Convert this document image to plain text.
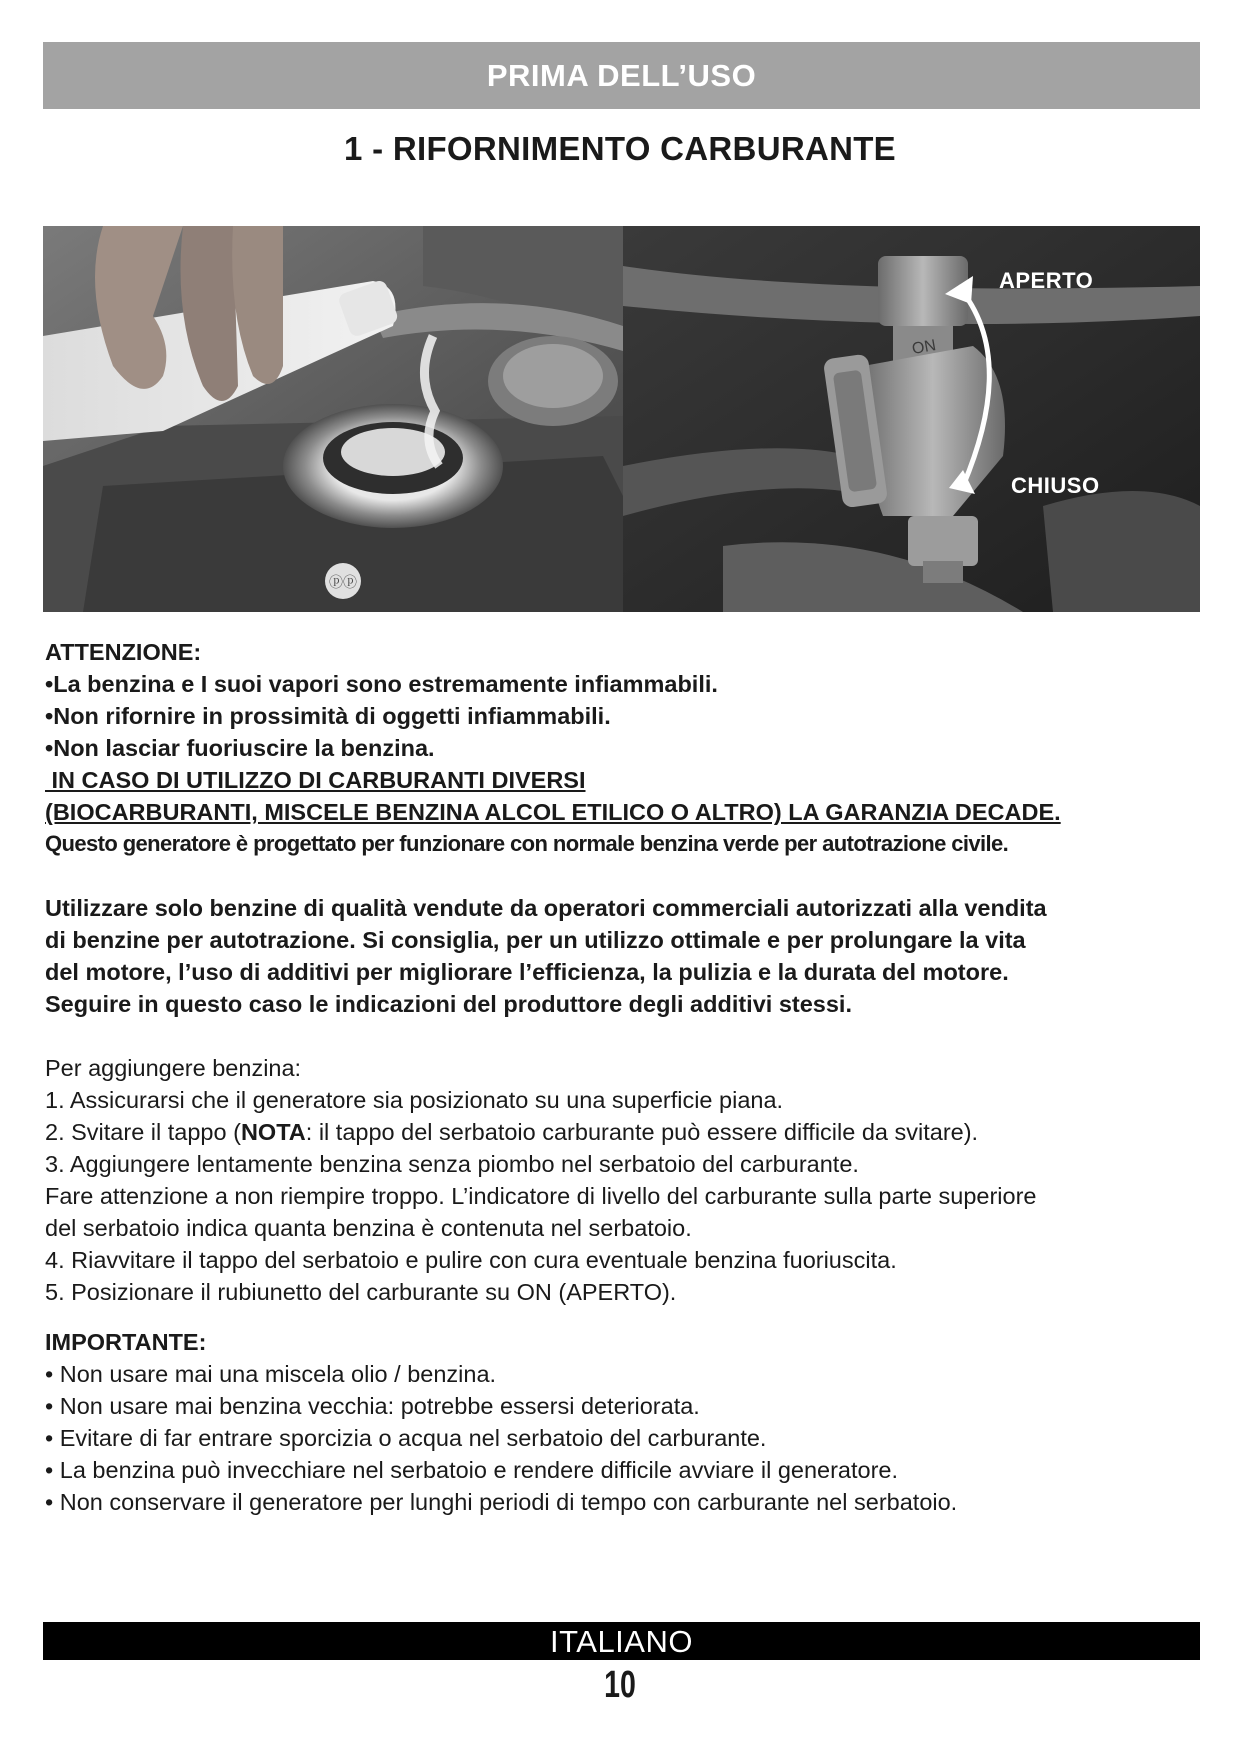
PRIMA DELL’USO
1 - RIFORNIMENTO CARBURANTE
ⓟⓟ
ON
APERTO
CHIUSO

ATTENZIONE:

•La benzina e I suoi vapori sono estremamente infiammabili.

•Non rifornire in prossimità di oggetti infiammabili.

•Non lasciar fuoriuscire la benzina.

IN CASO DI UTILIZZO DI CARBURANTI DIVERSI

(BIOCARBURANTI, MISCELE BENZINA ALCOL ETILICO O ALTRO) LA GARANZIA DECADE.

Questo generatore è progettato per funzionare con normale benzina verde per autotrazione civile.

Utilizzare solo benzine di qualità vendute da operatori commerciali autorizzati alla vendita
di benzine per autotrazione. Si consiglia, per un utilizzo ottimale e per prolungare la vita
del motore, l’uso di additivi per migliorare l’efficienza, la pulizia e la durata del motore.
Seguire in questo caso le indicazioni del produttore degli additivi stessi.

Per aggiungere benzina:

1. Assicurarsi che il generatore sia posizionato su una superficie piana.

2. Svitare il tappo (NOTA: il tappo del serbatoio carburante può essere difficile da svitare).

3. Aggiungere lentamente benzina senza piombo nel serbatoio del carburante.

Fare attenzione a non riempire troppo. L’indicatore di livello del carburante sulla parte superiore

del serbatoio indica quanta benzina è contenuta nel serbatoio.

4. Riavvitare il tappo del serbatoio e pulire con cura eventuale benzina fuoriuscita.

5. Posizionare il rubiunetto del carburante su ON (APERTO).

IMPORTANTE:

• Non usare mai una miscela olio / benzina.

• Non usare mai benzina vecchia: potrebbe essersi deteriorata.

• Evitare di far entrare sporcizia o acqua nel serbatoio del carburante.

• La benzina può invecchiare nel serbatoio e rendere difficile avviare il generatore.

• Non conservare il generatore per lunghi periodi di tempo con carburante nel serbatoio.

ITALIANO
10
